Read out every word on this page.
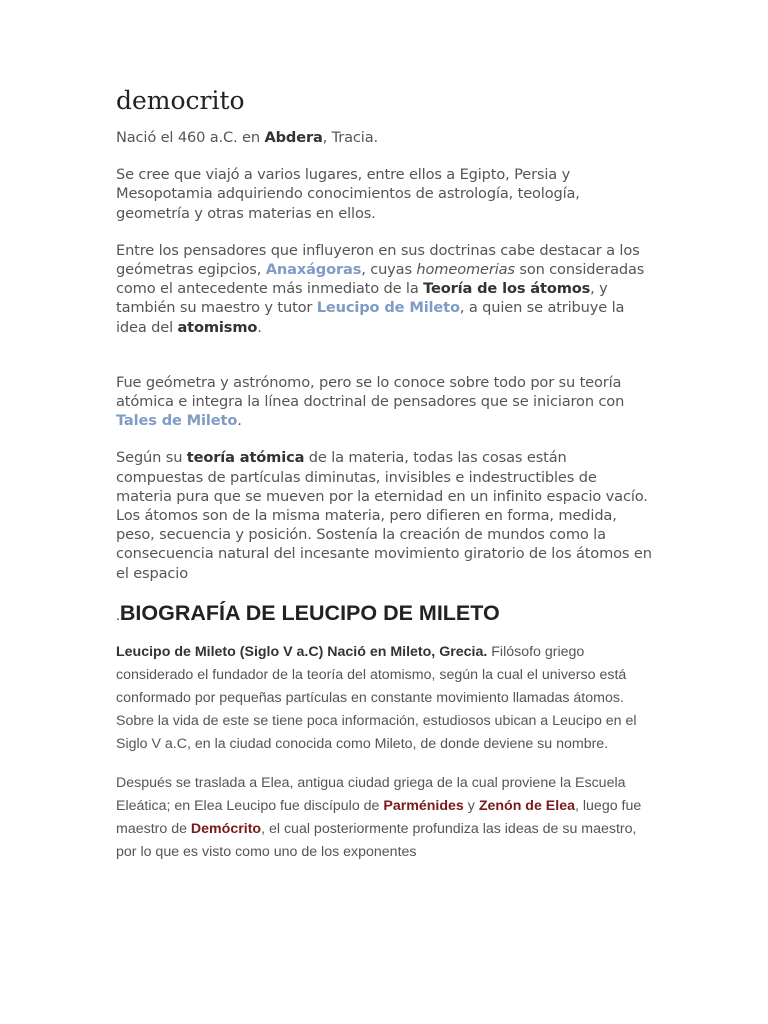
democrito

Nació el 460 a.C. en Abdera, Tracia.

Se cree que viajó a varios lugares, entre ellos a Egipto, Persia y Mesopotamia adquiriendo conocimientos de astrología, teología, geometría y otras materias en ellos.

Entre los pensadores que influyeron en sus doctrinas cabe destacar a los geómetras egipcios, Anaxágoras, cuyas homeomerias son consideradas como el antecedente más inmediato de la Teoría de los átomos, y también su maestro y tutor Leucipo de Mileto, a quien se atribuye la idea del atomismo.

Fue geómetra y astrónomo, pero se lo conoce sobre todo por su teoría atómica e integra la línea doctrinal de pensadores que se iniciaron con Tales de Mileto.

Según su teoría atómica de la materia, todas las cosas están compuestas de partículas diminutas, invisibles e indestructibles de materia pura que se mueven por la eternidad en un infinito espacio vacío. Los átomos son de la misma materia, pero difieren en forma, medida, peso, secuencia y posición. Sostenía la creación de mundos como la consecuencia natural del incesante movimiento giratorio de los átomos en el espacio

.BIOGRAFÍA DE LEUCIPO DE MILETO

Leucipo de Mileto (Siglo V a.C) Nació en Mileto, Grecia. Filósofo griego considerado el fundador de la teoría del atomismo, según la cual el universo está conformado por pequeñas partículas en constante movimiento llamadas átomos. Sobre la vida de este se tiene poca información, estudiosos ubican a Leucipo en el Siglo V a.C, en la ciudad conocida como Mileto, de donde deviene su nombre.

Después se traslada a Elea, antigua ciudad griega de la cual proviene la Escuela Eleática; en Elea Leucipo fue discípulo de Parménides y Zenón de Elea, luego fue maestro de Demócrito, el cual posteriormente profundiza las ideas de su maestro, por lo que es visto como uno de los exponentes
